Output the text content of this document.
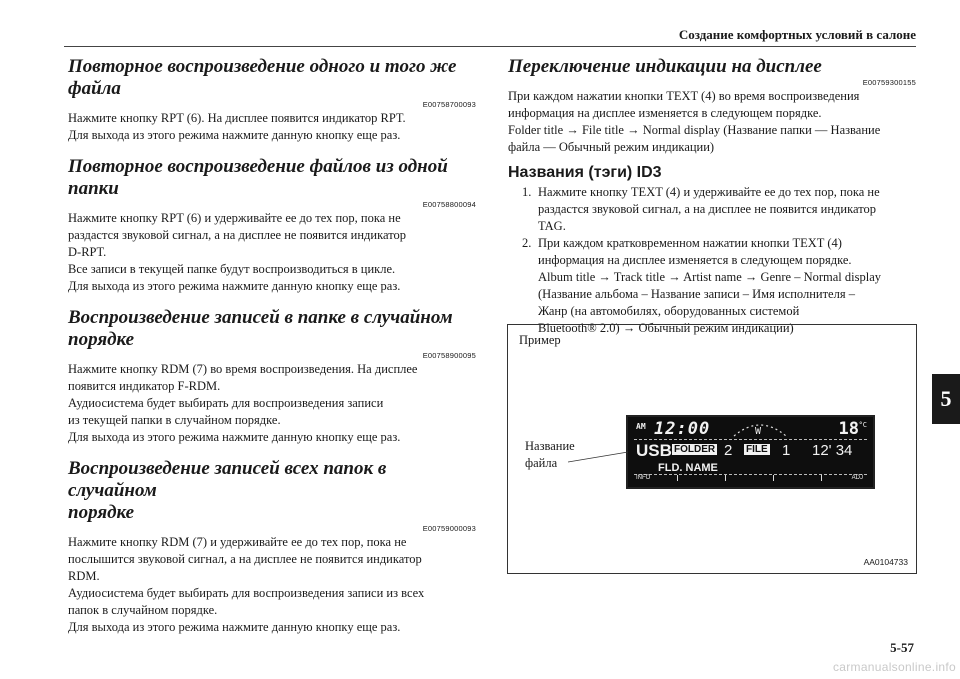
Создание комфортных условий в салоне
5
5-57
carmanualsonline.info
Повторное воспроизведение одного и того же файла
E00758700093

Нажмите кнопку RPT (6). На дисплее появится индикатор RPT.

Для выхода из этого режима нажмите данную кнопку еще раз.

Повторное воспроизведение файлов из одной папки
E00758800094

Нажмите кнопку RPT (6) и удерживайте ее до тех пор, пока не

раздастся звуковой сигнал, а на дисплее не появится индикатор

D-RPT.

Все записи в текущей папке будут воспроизводиться в цикле.

Для выхода из этого режима нажмите данную кнопку еще раз.

Воспроизведение записей в папке в случайном порядке
E00758900095

Нажмите кнопку RDM (7) во время воспроизведения. На дисплее

появится индикатор F-RDM.

Аудиосистема будет выбирать для воспроизведения записи

из текущей папки в случайном порядке.

Для выхода из этого режима нажмите данную кнопку еще раз.

Воспроизведение записей всех папок в случайном
порядке
E00759000093

Нажмите кнопку RDM (7) и удерживайте ее до тех пор, пока не

послышится звуковой сигнал, а на дисплее не появится индикатор

RDM.

Аудиосистема будет выбирать для воспроизведения записи из всех

папок в случайном порядке.

Для выхода из этого режима нажмите данную кнопку еще раз.

Переключение индикации на дисплее
E00759300155

При каждом нажатии кнопки TEXT (4) во время воспроизведения

информация на дисплее изменяется в следующем порядке.

Folder title → File title → Normal display (Название папки — Название

файла — Обычный режим индикации)

Названия (тэги) ID3
1. Нажмите кнопку TEXT (4) и удерживайте ее до тех пор, пока не
раздастся звуковой сигнал, а на дисплее не появится индикатор
TAG.
2. При каждом кратковременном нажатии кнопки TEXT (4)
информация на дисплее изменяется в следующем порядке.
Album title → Track title → Artist name → Genre – Normal display
(Название альбома – Название записи – Имя исполнителя –
Жанр (на автомобилях, оборудованных системой
Bluetooth® 2.0) → Обычный режим индикации)
Пример
Название
файла
AM 12:00	W	18 °C
USB FOLDER 2 FILE 1 12' 34
FLD. NAME
INFO	ADJ
AA0104733
